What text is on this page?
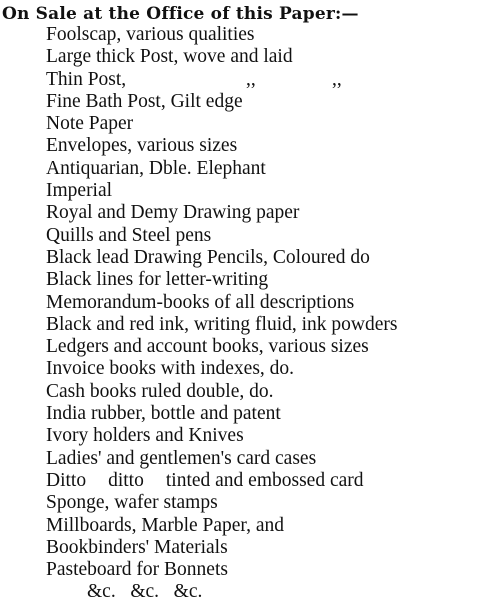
On Sale at the Office of this Paper:—
Foolscap, various qualities
Large thick Post, wove and laid
Thin Post,	,,	,,
Fine Bath Post, Gilt edge
Note Paper
Envelopes, various sizes
Antiquarian, Dble. Elephant
Imperial
Royal and Demy Drawing paper
Quills and Steel pens
Black lead Drawing Pencils, Coloured do
Black lines for letter-writing
Memorandum-books of all descriptions
Black and red ink, writing fluid, ink powders
Ledgers and account books, various sizes
Invoice books with indexes, do.
Cash books ruled double, do.
India rubber, bottle and patent
Ivory holders and Knives
Ladies' and gentlemen's card cases
Ditto ditto tinted and embossed card
Sponge, wafer stamps
Millboards, Marble Paper, and
Bookbinders' Materials
Pasteboard for Bonnets
&c.   &c.   &c.
